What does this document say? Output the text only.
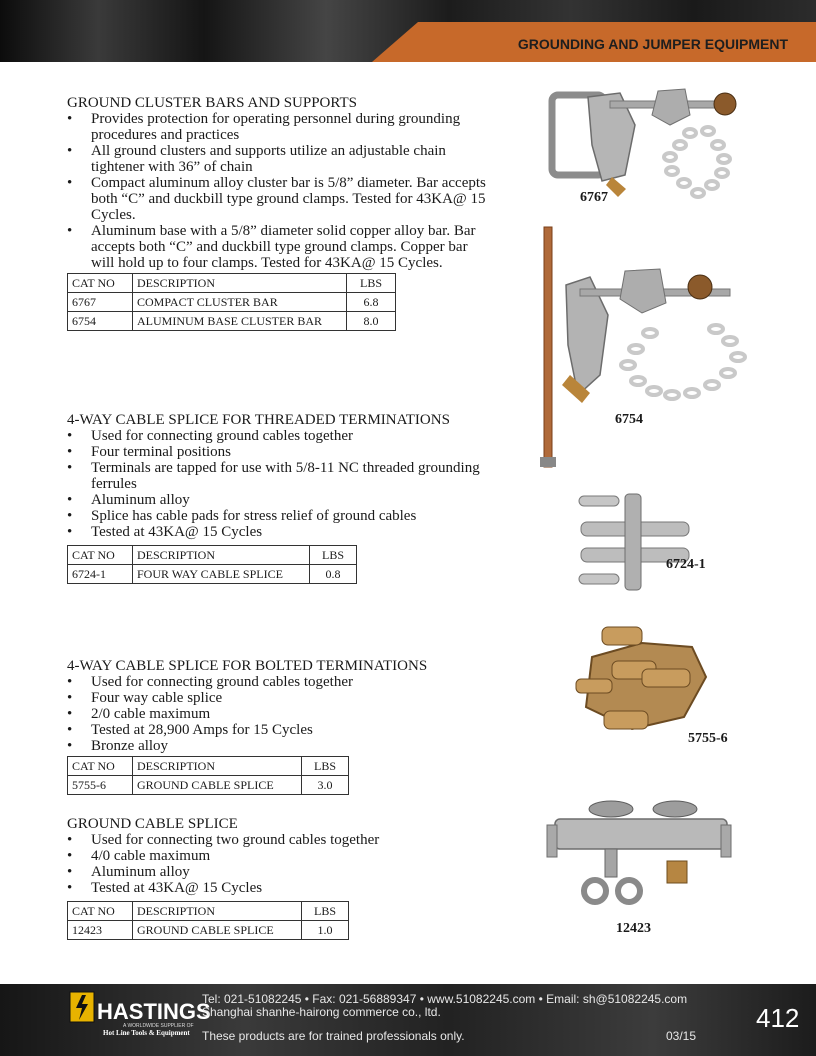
GROUNDING AND JUMPER EQUIPMENT
GROUND CLUSTER BARS AND SUPPORTS
• Provides protection for operating personnel during grounding procedures and practices
• All ground clusters and supports utilize an adjustable chain tightener with 36” of chain
• Compact aluminum alloy cluster bar is 5/8” diameter. Bar accepts both “C” and duckbill type ground clamps. Tested for 43KA@ 15 Cycles.
• Aluminum base with a 5/8” diameter solid copper alloy bar. Bar accepts both “C” and duckbill type ground clamps. Copper bar will hold up to four clamps. Tested for 43KA@ 15 Cycles.
CAT NO	DESCRIPTION	LBS
6767	COMPACT CLUSTER BAR	6.8
6754	ALUMINUM BASE CLUSTER BAR	8.0
4-WAY CABLE SPLICE FOR THREADED TERMINATIONS
• Used for connecting ground cables together
• Four terminal positions
• Terminals are tapped for use with 5/8-11 NC threaded grounding ferrules
• Aluminum alloy
• Splice has cable pads for stress relief of ground cables
• Tested at 43KA@ 15 Cycles
CAT NO	DESCRIPTION	LBS
6724-1	FOUR WAY CABLE SPLICE	0.8
4-WAY CABLE SPLICE FOR BOLTED TERMINATIONS
• Used for connecting ground cables together
• Four way cable splice
• 2/0 cable maximum
• Tested at 28,900 Amps for 15 Cycles
• Bronze alloy
CAT NO	DESCRIPTION	LBS
5755-6	GROUND CABLE SPLICE	3.0
GROUND CABLE SPLICE
• Used for connecting two ground cables together
• 4/0 cable maximum
• Aluminum alloy
• Tested at 43KA@ 15 Cycles
CAT NO	DESCRIPTION	LBS
12423	GROUND CABLE SPLICE	1.0
6767
6754
6724-1
5755-6
12423
HASTINGS
A WORLDWIDE SUPPLIER OF
Hot Line Tools & Equipment
Tel: 021-51082245 • Fax: 021-56889347 • www.51082245.com • Email: sh@51082245.com
Shanghai shanhe-hairong commerce co., ltd.
These products are for trained professionals only.	03/15
412
